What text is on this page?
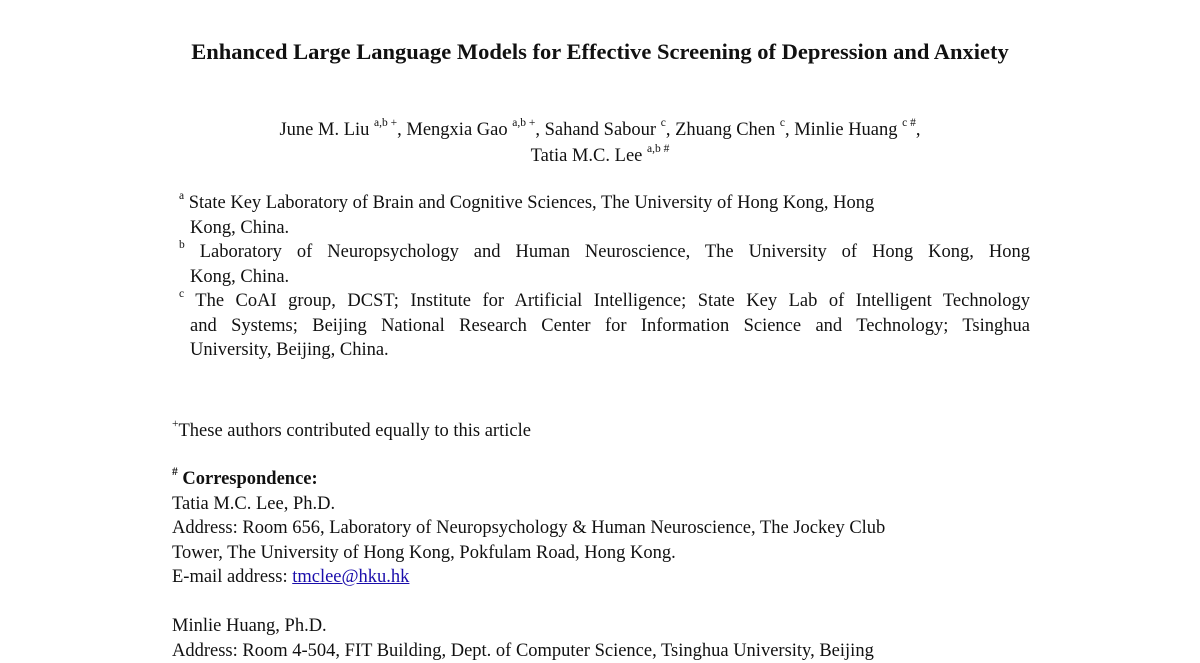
Enhanced Large Language Models for Effective Screening of Depression and Anxiety
June M. Liu $^{a,b +}$, Mengxia Gao $^{a,b +}$, Sahand Sabour $^c$, Zhuang Chen $^c$, Minlie Huang $^{c \#}$,
Tatia M.C. Lee $^{a,b \#}$
$^a$ State Key Laboratory of Brain and Cognitive Sciences, The University of Hong Kong, Hong
Kong, China.
$^b$ Laboratory of Neuropsychology and Human Neuroscience, The University of Hong Kong, Hong
Kong, China.
$^c$ The CoAI group, DCST; Institute for Artificial Intelligence; State Key Lab of Intelligent Technology
and Systems; Beijing National Research Center for Information Science and Technology; Tsinghua
University, Beijing, China.
+These authors contributed equally to this article
# Correspondence:
Tatia M.C. Lee, Ph.D.
Address: Room 656, Laboratory of Neuropsychology & Human Neuroscience, The Jockey Club
Tower, The University of Hong Kong, Pokfulam Road, Hong Kong.
E-mail address: tmclee@hku.hk
Minlie Huang, Ph.D.
Address: Room 4-504, FIT Building, Dept. of Computer Science, Tsinghua University, Beijing
